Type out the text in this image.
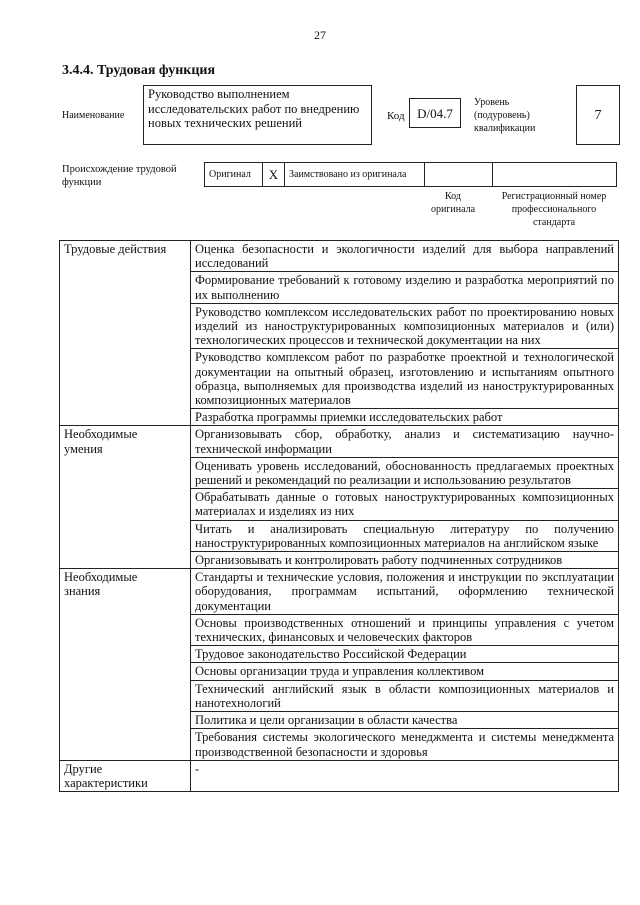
27
3.4.4. Трудовая функция
Наименование
Руководство выполнением исследовательских работ по внедрению новых технических решений	Код D/04.7
Уровень
(подуровень)
квалификации
7
Происхождение трудовой функции
Оригинал	X	Заимствовано из оригинала		
Код
оригинала
Регистрационный номер
профессионального
стандарта
Трудовые действия	Оценка безопасности и экологичности изделий для выбора направлений исследований
	Формирование требований к готовому изделию и разработка мероприятий по их выполнению
	Руководство комплексом исследовательских работ по проектированию новых изделий из наноструктурированных композиционных материалов и (или) технологических процессов и технической документации на них
	Руководство комплексом работ по разработке проектной и технологической документации на опытный образец, изготовлению и испытаниям опытного образца, выполняемых для производства изделий из наноструктурированных композиционных материалов
	Разработка программы приемки исследовательских работ

Необходимые
умения	Организовывать сбор, обработку, анализ и систематизацию научно-технической информации
	Оценивать уровень исследований, обоснованность предлагаемых проектных решений и рекомендаций по реализации и использованию результатов
	Обрабатывать данные о готовых наноструктурированных композиционных материалах и изделиях из них
	Читать и анализировать специальную литературу по получению наноструктурированных композиционных материалов на английском языке
	Организовывать и контролировать работу подчиненных сотрудников

Необходимые
знания	Стандарты и технические условия, положения и инструкции по эксплуатации оборудования, программам испытаний, оформлению технической документации
	Основы производственных отношений и принципы управления с учетом технических, финансовых и человеческих факторов
	Трудовое законодательство Российской Федерации
	Основы организации труда и управления коллективом
	Технический английский язык в области композиционных материалов и нанотехнологий
	Политика и цели организации в области качества
	Требования системы экологического менеджмента и системы менеджмента производственной безопасности и здоровья

Другие
характеристики	-
